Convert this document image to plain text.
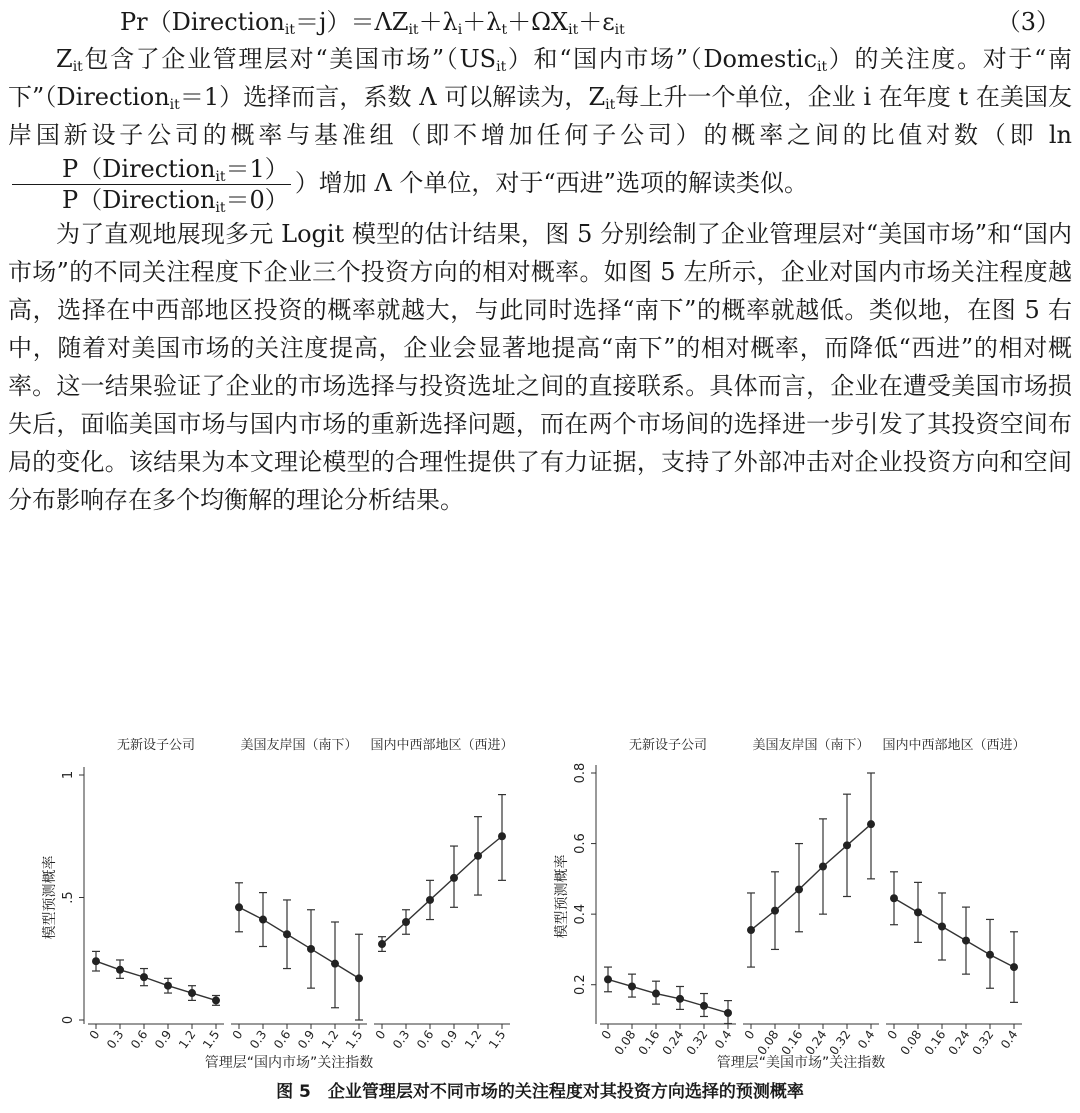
$Pr(Direction_{it}=j)=\Lambda Z_{it}+\lambda_i+\lambda_t+\Omega X_{it}+\varepsilon_{it}$	（3）

$Z_{it}$包含了企业管理层对“美国市场$”(US_{it})$和“国内市场”（Domestic$_{it}$）的关注度。对于“南下”（Direction$_{it}$＝1）选择而言，系数 Λ 可以解读为，$Z_{it}$每上升一个单位，企业 i 在年度 t 在美国友岸国新设子公司的概率与基准组（即不增加任何子公司）的概率之间的比值对数（即 ln
$\frac{P(Direction_{it}=1)}{P(Direction_{it}=0)}$ ）增加 Λ 个单位，对于“西进”选项的解读类似。

为了直观地展现多元 Logit 模型的估计结果，图 5 分别绘制了企业管理层对“美国市场”和“国内市场”的不同关注程度下企业三个投资方向的相对概率。如图 5 左所示，企业对国内市场关注程度越高，选择在中西部地区投资的概率就越大，与此同时选择“南下”的概率就越低。类似地，在图 5 右中，随着对美国市场的关注度提高，企业会显著地提高“南下”的相对概率，而降低“西进”的相对概率。这一结果验证了企业的市场选择与投资选址之间的直接联系。具体而言，企业在遭受美国市场损失后，面临美国市场与国内市场的重新选择问题，而在两个市场间的选择进一步引发了其投资空间布局的变化。该结果为本文理论模型的合理性提供了有力证据，支持了外部冲击对企业投资方向和空间分布影响存在多个均衡解的理论分析结果。

0
.5
1
模型预测概率
无新设子公司
0 0.3 0.6 0.9 1.2 1.5
美国友岸国（南下）
0 0.3 0.6 0.9 1.2 1.5
国内中西部地区（西进）
0 0.3 0.6 0.9 1.2 1.5
管理层“国内市场”关注指数
0.2
0.4
0.6
0.8
模型预测概率
无新设子公司
0
0.08
0.16
0.24
0.32 0.4
美国友岸国（南下）
0
0.08
0.16
0.24
0.32 0.4
国内中西部地区（西进）
0
0.08
0.16
0.24
0.32 0.4
管理层“美国市场”关注指数
图 5　企业管理层对不同市场的关注程度对其投资方向选择的预测概率
